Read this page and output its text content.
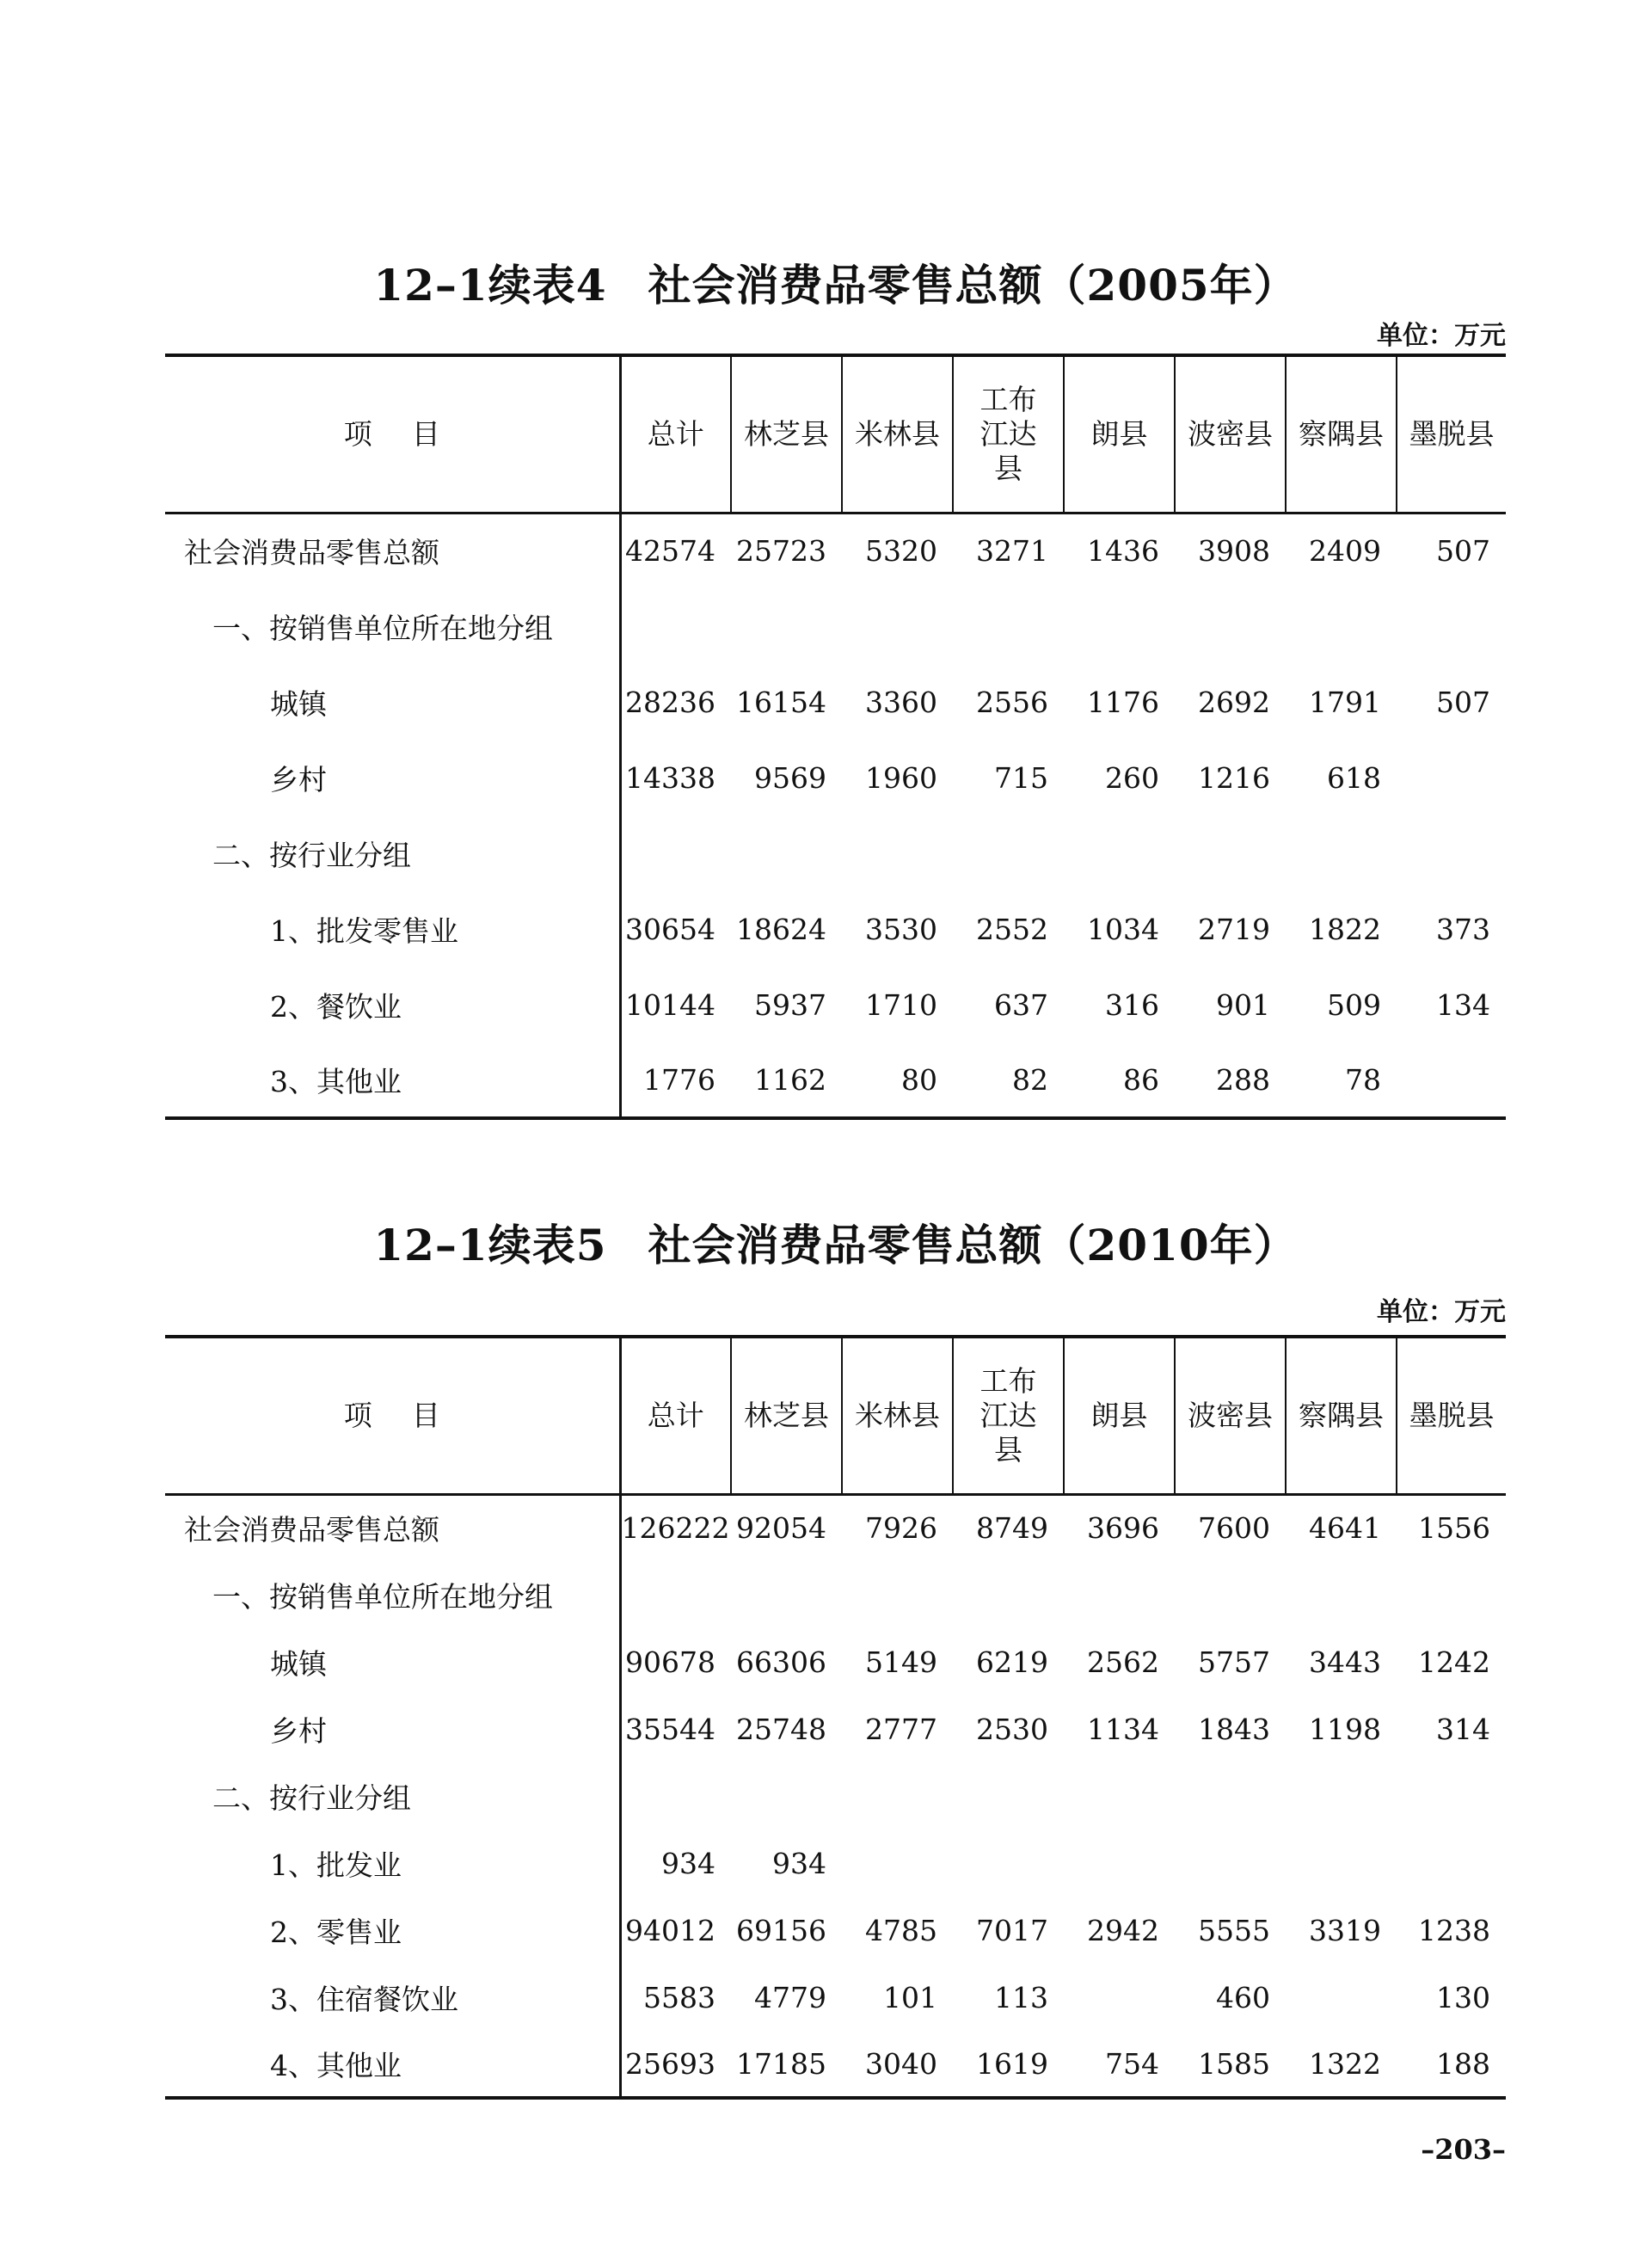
12–1续表4 社会消费品零售总额（2005年）
单位：万元
项 目	总计	林芝县	米林县	工布江达县	朗县	波密县	察隅县	墨脱县
社会消费品零售总额	42574	25723	5320	3271	1436	3908	2409	507
一、按销售单位所在地分组								
城镇	28236	16154	3360	2556	1176	2692	1791	507
乡村	14338	9569	1960	715	260	1216	618	
二、按行业分组								
1、批发零售业	30654	18624	3530	2552	1034	2719	1822	373
2、餐饮业	10144	5937	1710	637	316	901	509	134
3、其他业	1776	1162	80	82	86	288	78	
12–1续表5 社会消费品零售总额（2010年）
单位：万元
项 目	总计	林芝县	米林县	工布江达县	朗县	波密县	察隅县	墨脱县
社会消费品零售总额	126222	92054	7926	8749	3696	7600	4641	1556
一、按销售单位所在地分组								
城镇	90678	66306	5149	6219	2562	5757	3443	1242
乡村	35544	25748	2777	2530	1134	1843	1198	314
二、按行业分组								
1、批发业	934	934						
2、零售业	94012	69156	4785	7017	2942	5555	3319	1238
3、住宿餐饮业	5583	4779	101	113		460		130
4、其他业	25693	17185	3040	1619	754	1585	1322	188
–203–
